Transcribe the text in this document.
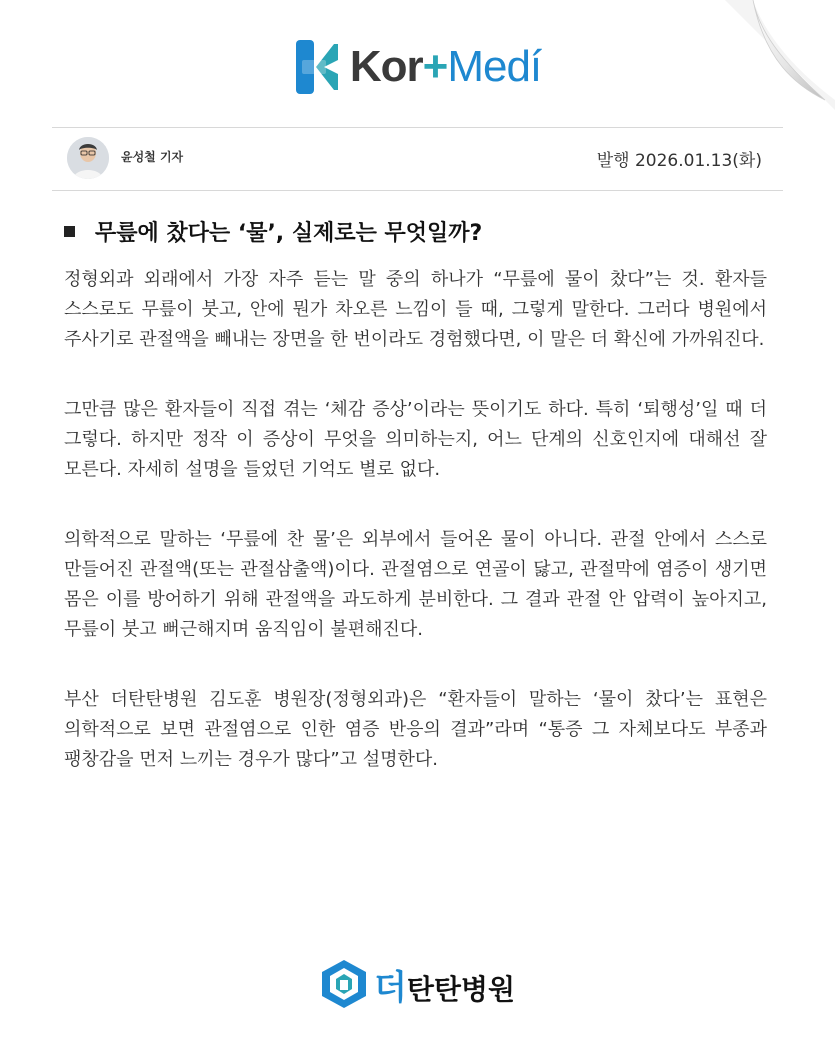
Kor+Medí
윤성철 기자	발행 2026.01.13(화)
무릎에 찼다는 ‘물’, 실제로는 무엇일까?

정형외과 외래에서 가장 자주 듣는 말 중의 하나가 “무릎에 물이 찼다”는 것. 환자들 스스로도 무릎이 붓고, 안에 뭔가 차오른 느낌이 들 때, 그렇게 말한다. 그러다 병원에서 주사기로 관절액을 빼내는 장면을 한 번이라도 경험했다면, 이 말은 더 확신에 가까워진다.

그만큼 많은 환자들이 직접 겪는 ‘체감 증상’이라는 뜻이기도 하다. 특히 ‘퇴행성’일 때 더 그렇다. 하지만 정작 이 증상이 무엇을 의미하는지, 어느 단계의 신호인지에 대해선 잘 모른다. 자세히 설명을 들었던 기억도 별로 없다.

의학적으로 말하는 ‘무릎에 찬 물’은 외부에서 들어온 물이 아니다. 관절 안에서 스스로 만들어진 관절액(또는 관절삼출액)이다. 관절염으로 연골이 닳고, 관절막에 염증이 생기면 몸은 이를 방어하기 위해 관절액을 과도하게 분비한다. 그 결과 관절 안 압력이 높아지고, 무릎이 붓고 뻐근해지며 움직임이 불편해진다.

부산 더탄탄병원 김도훈 병원장(정형외과)은 “환자들이 말하는 ‘물이 찼다’는 표현은 의학적으로 보면 관절염으로 인한 염증 반응의 결과”라며 “통증 그 자체보다도 부종과 팽창감을 먼저 느끼는 경우가 많다”고 설명한다.

더탄탄병원
